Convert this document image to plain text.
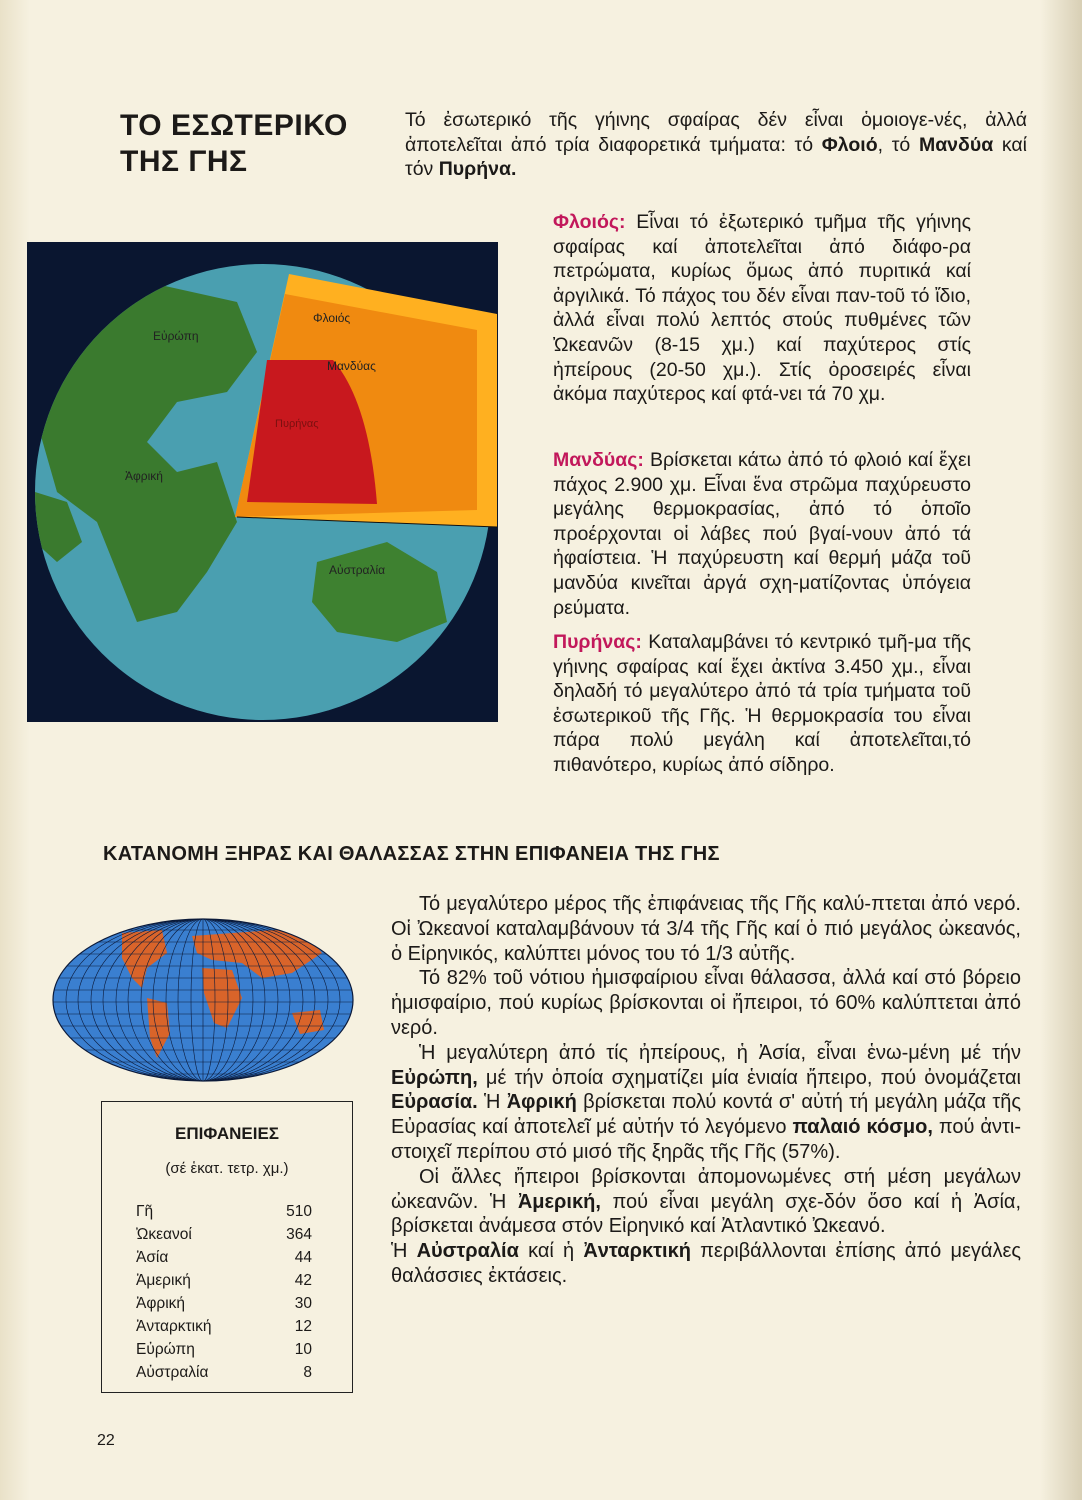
ΤΟ ΕΣΩΤΕΡΙΚΟ
ΤΗΣ ΓΗΣ
Τό ἐσωτερικό τῆς γήινης σφαίρας δέν εἶναι ὁμοιογε-νές, ἀλλά ἀποτελεῖται ἀπό τρία διαφορετικά τμήματα: τό Φλοιό, τό Μανδύα καί τόν Πυρήνα.
Φλοιός
Μανδύας
Πυρήνας
Εὐρώπη
Ἀφρική
Αὐστραλία
Φλοιός: Εἶναι τό ἐξωτερικό τμῆμα τῆς γήινης σφαίρας καί ἀποτελεῖται ἀπό διάφο-ρα πετρώματα, κυρίως ὅμως ἀπό πυριτικά καί ἀργιλικά. Τό πάχος του δέν εἶναι παν-τοῦ τό ἴδιο, ἀλλά εἶναι πολύ λεπτός στούς πυθμένες τῶν Ὠκεανῶν (8-15 χμ.) καί παχύτερος στίς ἠπείρους (20-50 χμ.). Στίς ὀροσειρές εἶναι ἀκόμα παχύτερος καί φτά-νει τά 70 χμ.
Μανδύας: Βρίσκεται κάτω ἀπό τό φλοιό καί ἔχει πάχος 2.900 χμ. Εἶναι ἕνα στρῶμα παχύρευστο μεγάλης θερμοκρασίας, ἀπό τό ὁποῖο προέρχονται οἱ λάβες πού βγαί-νουν ἀπό τά ἡφαίστεια. Ἡ παχύρευστη καί θερμή μάζα τοῦ μανδύα κινεῖται ἀργά σχη-ματίζοντας ὑπόγεια ρεύματα.
Πυρήνας: Καταλαμβάνει τό κεντρικό τμῆ-μα τῆς γήινης σφαίρας καί ἔχει ἀκτίνα 3.450 χμ., εἶναι δηλαδή τό μεγαλύτερο ἀπό τά τρία τμήματα τοῦ ἐσωτερικοῦ τῆς Γῆς. Ἡ θερμοκρασία του εἶναι πάρα πολύ μεγάλη καί ἀποτελεῖται,τό πιθανότερο, κυρίως ἀπό σίδηρο.
ΚΑΤΑΝΟΜΗ ΞΗΡΑΣ ΚΑΙ ΘΑΛΑΣΣΑΣ ΣΤΗΝ ΕΠΙΦΑΝΕΙΑ ΤΗΣ ΓΗΣ
ΕΠΙΦΑΝΕΙΕΣ
(σέ ἑκατ. τετρ. χμ.)
Γῆ	510
Ὠκεανοί	364
Ἀσία	44
Ἀμερική	42
Ἀφρική	30
Ἀνταρκτική	12
Εὐρώπη	10
Αὐστραλία	8
Τό μεγαλύτερο μέρος τῆς ἐπιφάνειας τῆς Γῆς καλύ-πτεται ἀπό νερό. Οἱ Ὠκεανοί καταλαμβάνουν τά 3/4 τῆς Γῆς καί ὁ πιό μεγάλος ὠκεανός, ὁ Εἰρηνικός, καλύπτει μόνος του τό 1/3 αὐτῆς.
Τό 82% τοῦ νότιου ἡμισφαίριου εἶναι θάλασσα, ἀλλά καί στό βόρειο ἡμισφαίριο, πού κυρίως βρίσκονται οἱ ἤπειροι, τό 60% καλύπτεται ἀπό νερό.
Ἡ μεγαλύτερη ἀπό τίς ἠπείρους, ἡ Ἀσία, εἶναι ἑνω-μένη μέ τήν Εὐρώπη, μέ τήν ὁποία σχηματίζει μία ἑνιαία ἤπειρο, πού ὀνομάζεται Εὐρασία. Ἡ Ἀφρική βρίσκεται πολύ κοντά σ' αὐτή τή μεγάλη μάζα τῆς Εὐρασίας καί ἀποτελεῖ μέ αὐτήν τό λεγόμενο παλαιό κόσμο, πού ἀντι-στοιχεῖ περίπου στό μισό τῆς ξηρᾶς τῆς Γῆς (57%).
Οἱ ἄλλες ἤπειροι βρίσκονται ἀπομονωμένες στή μέση μεγάλων ὠκεανῶν. Ἡ Ἀμερική, πού εἶναι μεγάλη σχε-δόν ὅσο καί ἡ Ἀσία, βρίσκεται ἀνάμεσα στόν Εἰρηνικό καί Ἀτλαντικό Ὠκεανό.
Ἡ Αὐστραλία καί ἡ Ἀνταρκτική περιβάλλονται ἐπίσης ἀπό μεγάλες θαλάσσιες ἐκτάσεις.
22
